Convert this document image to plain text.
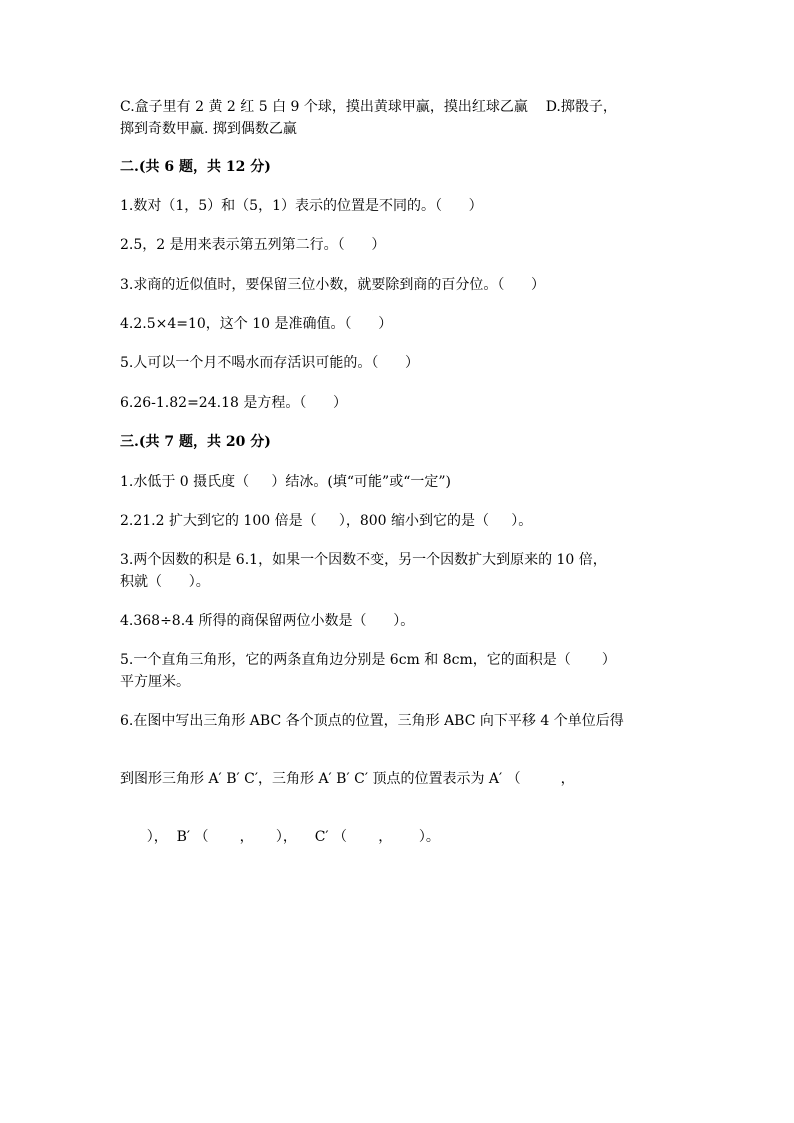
C.盒子里有 2 黄 2 红 5 白 9 个球，摸出黄球甲赢，摸出红球乙赢    D.掷骰子，
掷到奇数甲赢. 掷到偶数乙赢
二.(共 6 题，共 12 分)
1.数对（1，5）和（5，1）表示的位置是不同的。（      ）
2.5，2 是用来表示第五列第二行。（      ）
3.求商的近似值时，要保留三位小数，就要除到商的百分位。（      ）
4.2.5×4=10，这个 10 是准确值。（      ）
5.人可以一个月不喝水而存活识可能的。（      ）
6.26-1.82=24.18 是方程。（      ）
三.(共 7 题，共 20 分)
1.水低于 0 摄氏度（     ）结冰。(填“可能”或“一定”)
2.21.2 扩大到它的 100 倍是（     ），800 缩小到它的是（     ）。
3.两个因数的积是 6.1，如果一个因数不变，另一个因数扩大到原来的 10 倍，
积就（      ）。
4.368÷8.4 所得的商保留两位小数是（      ）。
5.一个直角三角形，它的两条直角边分别是 6cm 和 8cm，它的面积是（       ）
平方厘米。
6.在图中写出三角形 ABC 各个顶点的位置，三角形 ABC 向下平移 4 个单位后得
到图形三角形 A′ B′ C′，三角形 A′ B′ C′ 顶点的位置表示为 A′ （         ，
），  B′ （       ，     ），    C′ （       ，      ）。
